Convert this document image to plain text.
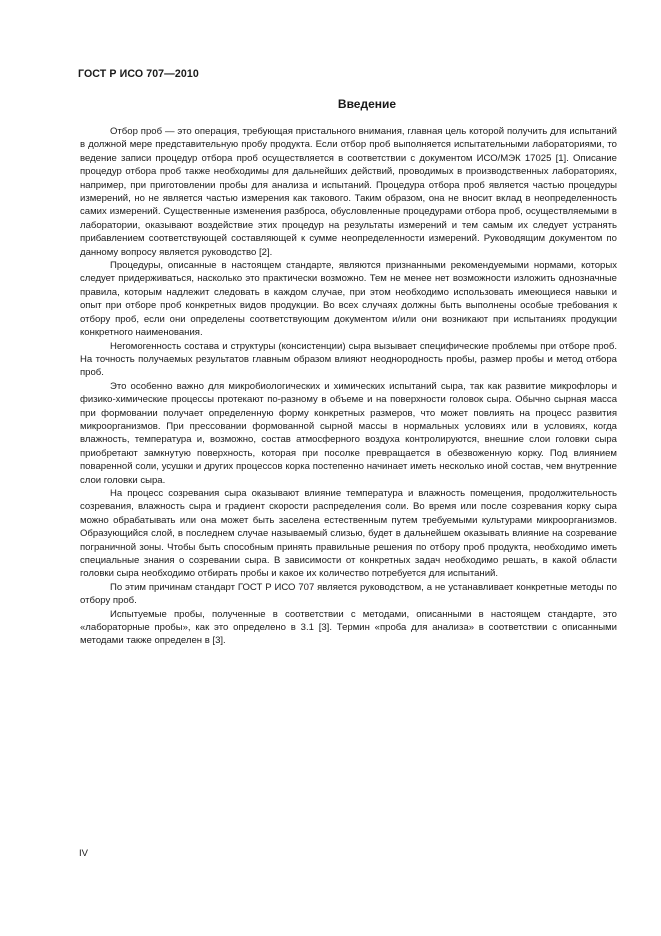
ГОСТ Р ИСО 707—2010
Введение

Отбор проб — это операция, требующая пристального внимания, главная цель которой получить для испытаний в должной мере представительную пробу продукта. Если отбор проб выполняется испытательными лабораториями, то ведение записи процедур отбора проб осуществляется в соответствии с документом ИСО/МЭК 17025 [1]. Описание процедур отбора проб также необходимы для дальнейших действий, проводимых в производственных лабораториях, например, при приготовлении пробы для анализа и испытаний. Процедура отбора проб является частью процедуры измерений, но не является частью измерения как такового. Таким образом, она не вносит вклад в неопределенность самих измерений. Существенные изменения разброса, обусловленные процедурами отбора проб, осуществляемыми в лаборатории, оказывают воздействие этих процедур на результаты измерений и тем самым их следует устранять прибавлением соответствующей составляющей к сумме неопределенности измерений. Руководящим документом по данному вопросу является руководство [2].

Процедуры, описанные в настоящем стандарте, являются признанными рекомендуемыми нормами, которых следует придерживаться, насколько это практически возможно. Тем не менее нет возможности изложить однозначные правила, которым надлежит следовать в каждом случае, при этом необходимо использовать имеющиеся навыки и опыт при отборе проб конкретных видов продукции. Во всех случаях должны быть выполнены особые требования к отбору проб, если они определены соответствующим документом и/или они возникают при испытаниях продукции конкретного наименования.

Негомогенность состава и структуры (консистенции) сыра вызывает специфические проблемы при отборе проб. На точность получаемых результатов главным образом влияют неоднородность пробы, размер пробы и метод отбора проб.

Это особенно важно для микробиологических и химических испытаний сыра, так как развитие микрофлоры и физико-химические процессы протекают по-разному в объеме и на поверхности головок сыра. Обычно сырная масса при формовании получает определенную форму конкретных размеров, что может повлиять на процесс развития микроорганизмов. При прессовании формованной сырной массы в нормальных условиях или в условиях, когда влажность, температура и, возможно, состав атмосферного воздуха контролируются, внешние слои головки сыра приобретают замкнутую поверхность, которая при посолке превращается в обезвоженную корку. Под влиянием поваренной соли, усушки и других процессов корка постепенно начинает иметь несколько иной состав, чем внутренние слои головки сыра.

На процесс созревания сыра оказывают влияние температура и влажность помещения, продолжительность созревания, влажность сыра и градиент скорости распределения соли. Во время или после созревания корку сыра можно обрабатывать или она может быть заселена естественным путем требуемыми культурами микроорганизмов. Образующийся слой, в последнем случае называемый слизью, будет в дальнейшем оказывать влияние на созревание пограничной зоны. Чтобы быть способным принять правильные решения по отбору проб продукта, необходимо иметь специальные знания о созревании сыра. В зависимости от конкретных задач необходимо решать, в какой области головки сыра необходимо отбирать пробы и какое их количество потребуется для испытаний.

По этим причинам стандарт ГОСТ Р ИСО 707 является руководством, а не устанавливает конкретные методы по отбору проб.

Испытуемые пробы, полученные в соответствии с методами, описанными в настоящем стандарте, это «лабораторные пробы», как это определено в 3.1 [3]. Термин «проба для анализа» в соответствии с описанными методами также определен в [3].

IV
